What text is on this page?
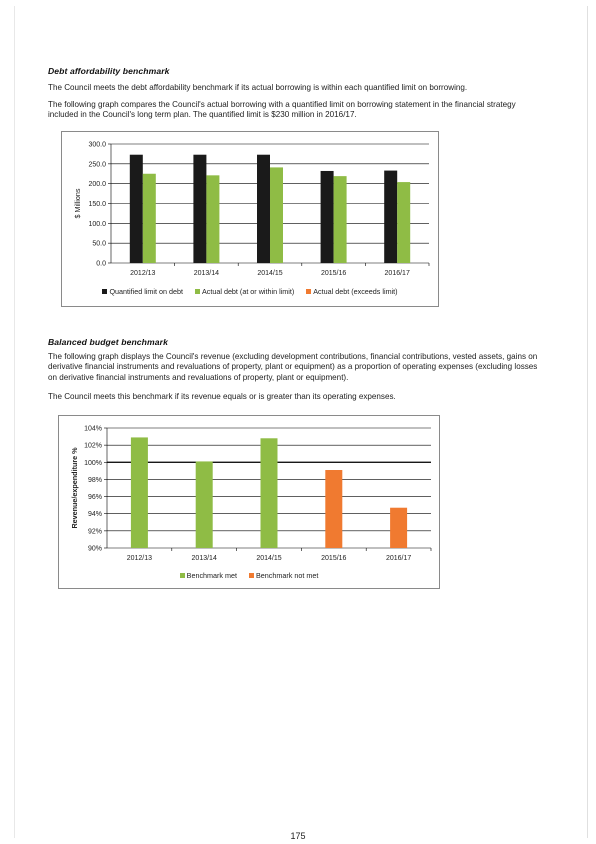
Debt affordability benchmark

The Council meets the debt affordability benchmark if its actual borrowing is within each quantified limit on borrowing.

The following graph compares the Council's actual borrowing with a quantified limit on borrowing statement in the financial strategy included in the Council's long term plan. The quantified limit is $230 million in 2016/17.

0.0
50.0
100.0
150.0
200.0
250.0
300.0
$ Millions
2012/13	2013/14	2014/15	2015/16	2016/17
Quantified limit on debt	Actual debt (at or within limit)	Actual debt (exceeds limit)
Balanced budget benchmark

The following graph displays the Council's revenue (excluding development contributions, financial contributions, vested assets, gains on derivative financial instruments and revaluations of property, plant or equipment) as a proportion of operating expenses (excluding losses on derivative financial instruments and revaluations of property, plant or equipment).

The Council meets this benchmark if its revenue equals or is greater than its operating expenses.

90%
92%
94%
96%
98%
100%
102%
104%
Revenue/expenditure %
2012/13	2013/14	2014/15	2015/16	2016/17
Benchmark met	Benchmark not met
175
